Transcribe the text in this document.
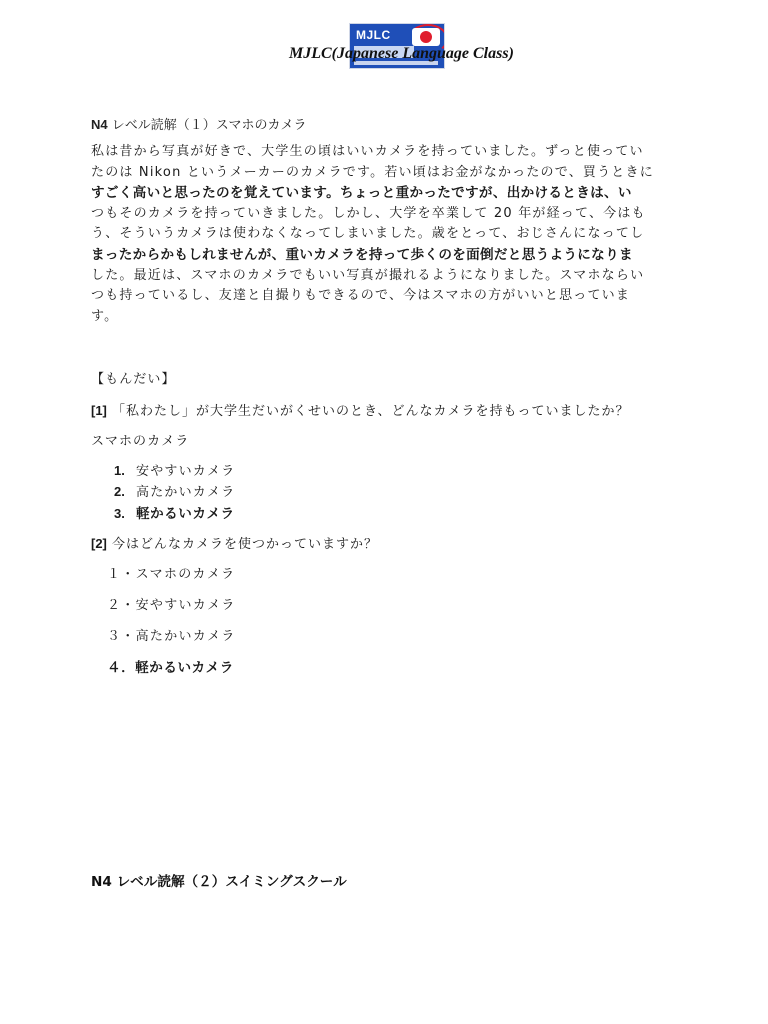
MJLC
MJLC(Japanese Language Class)
N4 レベル読解（１）スマホのカメラ
私は昔から写真が好きで、大学生の頃はいいカメラを持っていました。ずっと使ってい
たのは Nikon というメーカーのカメラです。若い頃はお金がなかったので、買うときに
すごく高いと思ったのを覚えています。ちょっと重かったですが、出かけるときは、い
つもそのカメラを持っていきました。しかし、大学を卒業して 20 年が経って、今はも
う、そういうカメラは使わなくなってしまいました。歳をとって、おじさんになってし
まったからかもしれませんが、重いカメラを持って歩くのを面倒だと思うようになりま
した。最近は、スマホのカメラでもいい写真が撮れるようになりました。スマホならい
つも持っているし、友達と自撮りもできるので、今はスマホの方がいいと思っていま
す。
【もんだい】
[1] 「私わたし」が大学生だいがくせいのとき、どんなカメラを持もっていましたか？
スマホのカメラ
1. 安やすいカメラ
2. 高たかいカメラ
3. 軽かるいカメラ
[2] 今はどんなカメラを使つかっていますか？
１・スマホのカメラ
２・安やすいカメラ
３・高たかいカメラ
４．軽かるいカメラ
N4 レベル読解（２）スイミングスクール
